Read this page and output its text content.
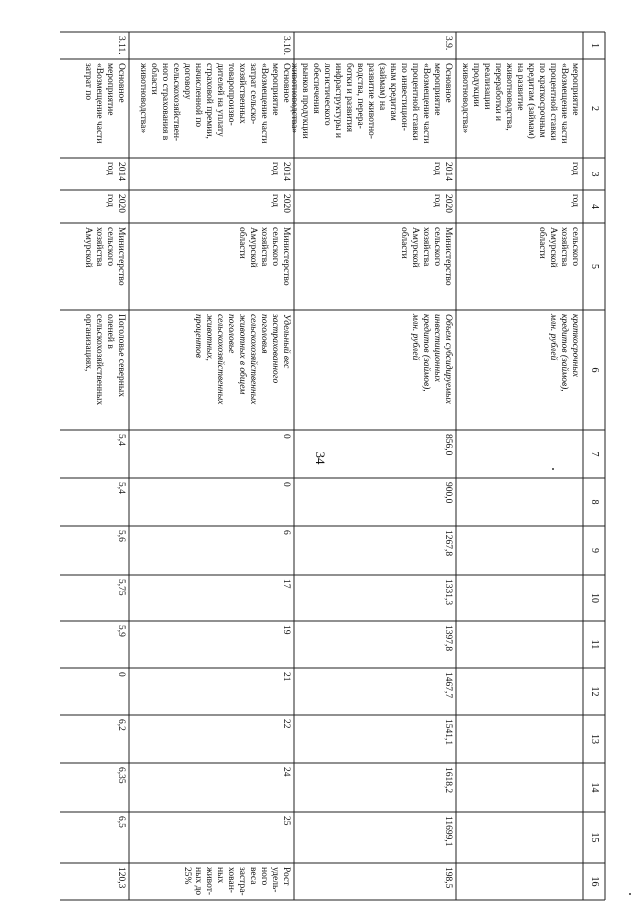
34
1
2
3
4
5
6
7
8
9
10
11
12
13
14
15
16
мероприятие
«Возмещение части
процентной ставки
по краткосрочным
кредитам (займам)
на развитие
животноводства,
переработки и
реализации
продукции
животноводства»
год
год
сельского
хозяйства
Амурской
области
краткосрочных
кредитов (займов),
млн. рублей
3.9.
Основное
мероприятие
«Возмещение части
процентной ставки
по инвестицион-
ным кредитам
(займам) на
развитие животно-
водства, перера-
ботки и развития
инфраструктуры и
логистического
обеспечения
рынков продукции
животноводства»
2014
год
2020
год
Министерство
сельского
хозяйства
Амурской
области
Объем субсидируемых
инвестиционных
кредитов (займов),
млн. рублей
856,0
900,0
1267,8
1331,3
1397,8
1467,7
1541,1
1618,2
11699,1
198,5
3.10.
Основное
мероприятие
«Возмещение части
затрат сельско-
хозяйственных
товаропроизво-
дителей на уплату
страховой премии,
начисленной по
договору
сельскохозяйствен-
ного страхования в
области
животноводства»
2014
год
2020
год
Министерство
сельского
хозяйства
Амурской
области
Удельный вес
застрахованного
поголовья
сельскохозяйственных
животных в общем
поголовье
сельскохозяйственных
животных,
процентов
0
0
6
17
19
21
22
24
25
Рост
удель-
ного
веса
застра-
хован-
ных
живот-
ных до
25%
3.11.
Основное
мероприятие
«Возмещение части
затрат по
2014
год
2020
год
Министерство
сельского
хозяйства
Амурской
Поголовье северных
оленей в
сельскохозяйственных
организациях,
5,4
5,4
5,6
5,75
5,9
0
6,2
6,35
6,5
120,3
